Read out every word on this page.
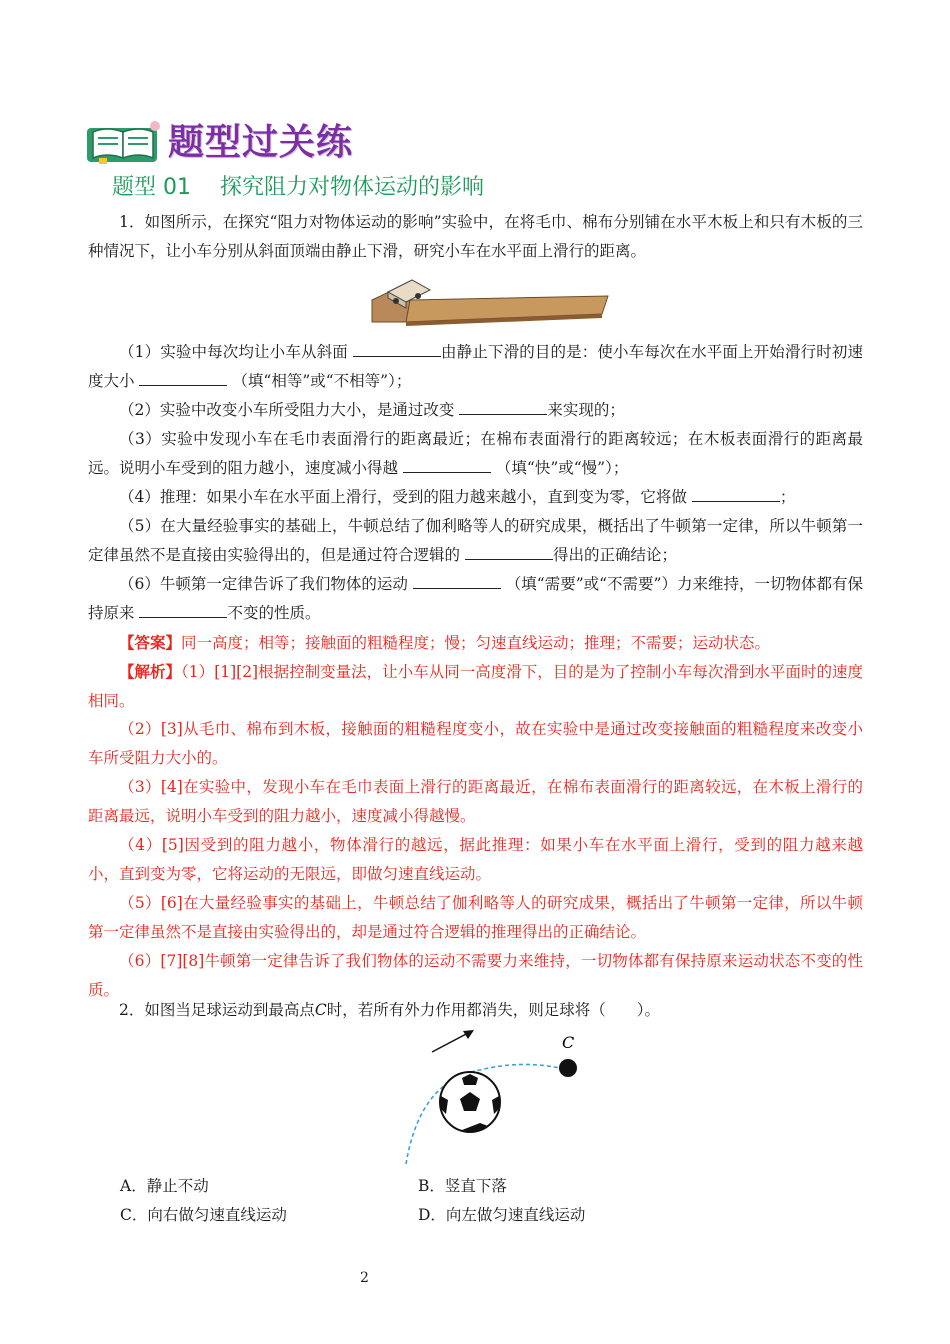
题型过关练
题型 01　 探究阻力对物体运动的影响

1．如图所示，在探究“阻力对物体运动的影响”实验中，在将毛巾、棉布分别铺在水平木板上和只有木板的三种情况下，让小车分别从斜面顶端由静止下滑，研究小车在水平面上滑行的距离。

（1）实验中每次均让小车从斜面	由静止下滑的目的是：使小车每次在水平面上开始滑行时初速度大小	（填“相等”或“不相等”）；

（2）实验中改变小车所受阻力大小，是通过改变	来实现的；

（3）实验中发现小车在毛巾表面滑行的距离最近；在棉布表面滑行的距离较远；在木板表面滑行的距离最远。说明小车受到的阻力越小，速度减小得越	（填“快”或“慢”）；

（4）推理：如果小车在水平面上滑行，受到的阻力越来越小，直到变为零，它将做	；

（5）在大量经验事实的基础上，牛顿总结了伽利略等人的研究成果，概括出了牛顿第一定律，所以牛顿第一定律虽然不是直接由实验得出的，但是通过符合逻辑的	得出的正确结论；

（6）牛顿第一定律告诉了我们物体的运动	（填“需要”或“不需要”）力来维持，一切物体都有保持原来	不变的性质。

【答案】同一高度；相等；接触面的粗糙程度；慢；匀速直线运动；推理；不需要；运动状态。

【解析】（1）[1][2]根据控制变量法，让小车从同一高度滑下，目的是为了控制小车每次滑到水平面时的速度相同。

（2）[3]从毛巾、棉布到木板，接触面的粗糙程度变小，故在实验中是通过改变接触面的粗糙程度来改变小车所受阻力大小的。

（3）[4]在实验中，发现小车在毛巾表面上滑行的距离最近，在棉布表面滑行的距离较远，在木板上滑行的距离最远，说明小车受到的阻力越小，速度减小得越慢。

（4）[5]因受到的阻力越小，物体滑行的越远，据此推理：如果小车在水平面上滑行，受到的阻力越来越小，直到变为零，它将运动的无限远，即做匀速直线运动。

（5）[6]在大量经验事实的基础上，牛顿总结了伽利略等人的研究成果，概括出了牛顿第一定律，所以牛顿第一定律虽然不是直接由实验得出的，却是通过符合逻辑的推理得出的正确结论。

（6）[7][8]牛顿第一定律告诉了我们物体的运动不需要力来维持，一切物体都有保持原来运动状态不变的性质。

2．如图当足球运动到最高点C时，若所有外力作用都消失，则足球将（　　）。

C
A．静止不动	B．竖直下落
C．向右做匀速直线运动	D．向左做匀速直线运动
2
